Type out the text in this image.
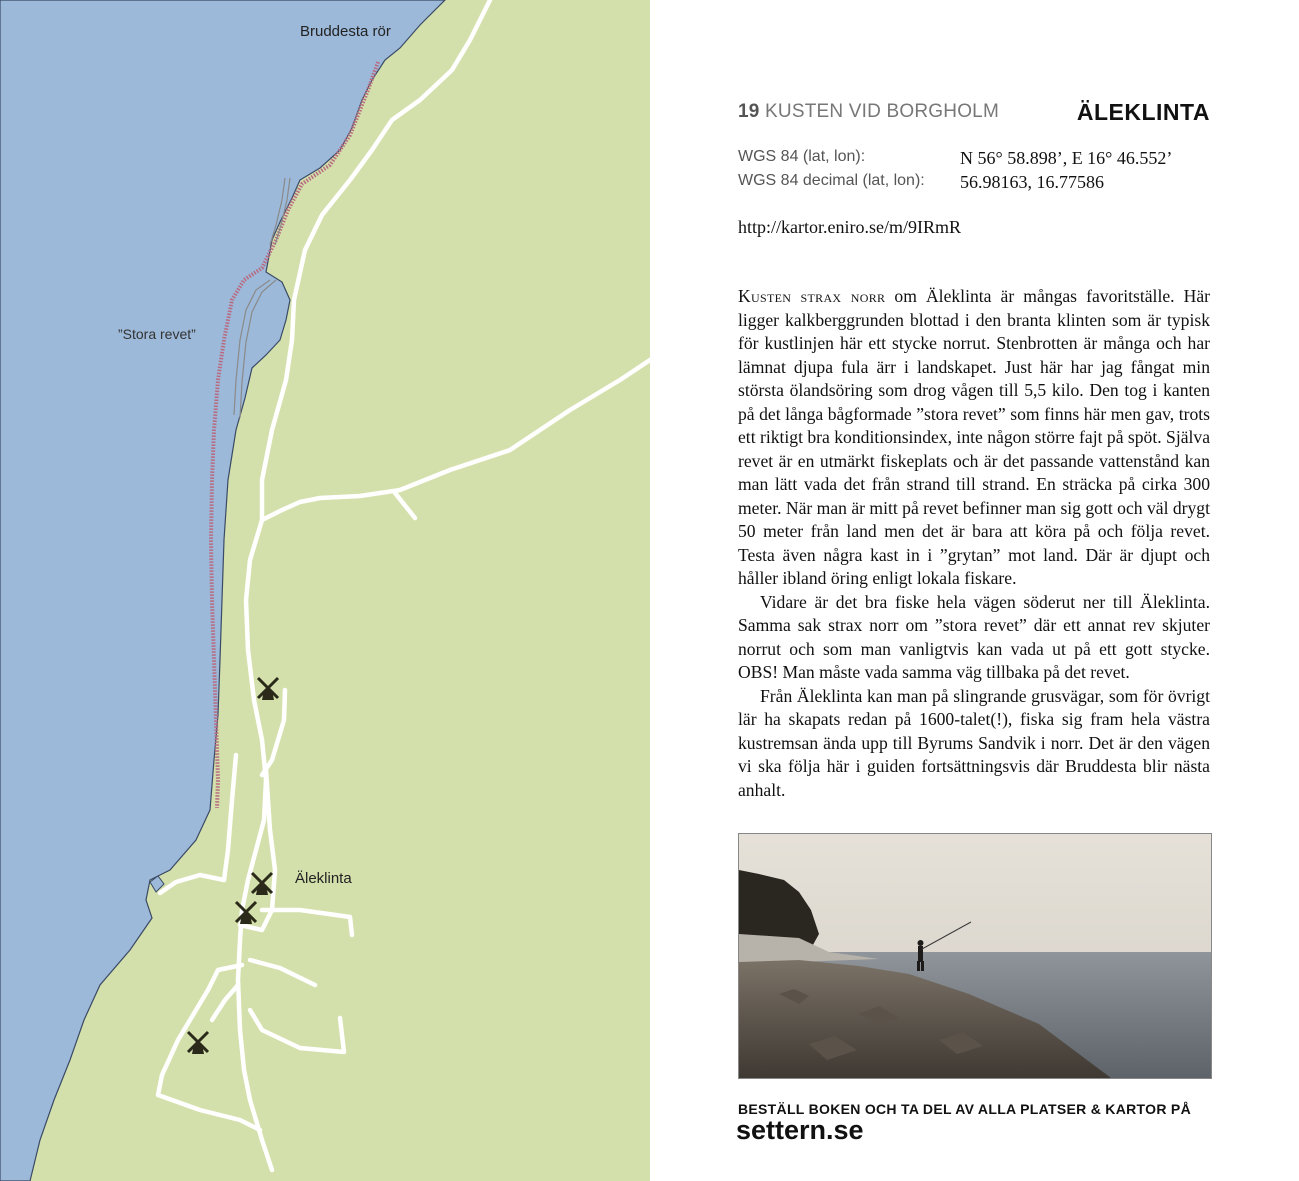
Bruddesta rör
”Stora revet”
Äleklinta
19 KUSTEN VID BORGHOLM	ÄLEKLINTA
WGS 84 (lat, lon):	N 56° 58.898’, E 16° 46.552’
WGS 84 decimal (lat, lon): 56.98163, 16.77586
http://kartor.eniro.se/m/9IRmR

Kusten strax norr om Äleklinta är mångas favoritställe. Här ligger kalkberggrunden blottad i den branta klinten som är typisk för kustlinjen här ett stycke norrut. Stenbrotten är många och har lämnat djupa fula ärr i landskapet. Just här har jag fångat min största ölandsöring som drog vågen till 5,5 kilo. Den tog i kanten på det långa bågformade ”stora revet” som finns här men gav, trots ett riktigt bra konditionsindex, inte någon större fajt på spöt. Själva revet är en utmärkt fiskeplats och är det passande vattenstånd kan man lätt vada det från strand till strand. En sträcka på cirka 300 meter. När man är mitt på revet befinner man sig gott och väl drygt 50 meter från land men det är bara att köra på och följa revet. Testa även några kast in i ”grytan” mot land. Där är djupt och håller ibland öring enligt lokala fiskare.

Vidare är det bra fiske hela vägen söderut ner till Äleklinta. Samma sak strax norr om ”stora revet” där ett annat rev skjuter norrut och som man vanligtvis kan vada ut på ett gott stycke. OBS! Man måste vada samma väg tillbaka på det revet.

Från Äleklinta kan man på slingrande grusvägar, som för övrigt lär ha skapats redan på 1600-talet(!), fiska sig fram hela västra kustremsan ända upp till Byrums Sandvik i norr. Det är den vägen vi ska följa här i guiden fortsättningsvis där Bruddesta blir nästa anhalt.

BESTÄLL BOKEN OCH TA DEL AV ALLA PLATSER & KARTOR PÅ
settern.se
